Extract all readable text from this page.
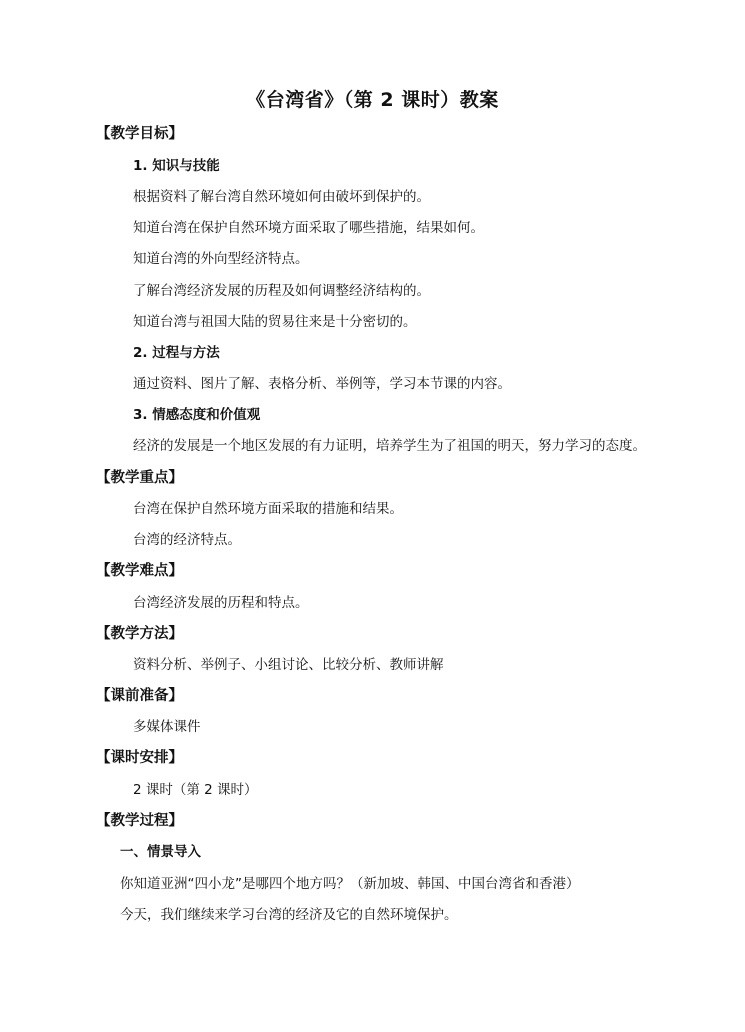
《台湾省》（第 2 课时）教案
【教学目标】
1. 知识与技能
根据资料了解台湾自然环境如何由破坏到保护的。
知道台湾在保护自然环境方面采取了哪些措施，结果如何。
知道台湾的外向型经济特点。
了解台湾经济发展的历程及如何调整经济结构的。
知道台湾与祖国大陆的贸易往来是十分密切的。
2. 过程与方法
通过资料、图片了解、表格分析、举例等，学习本节课的内容。
3. 情感态度和价值观
经济的发展是一个地区发展的有力证明，培养学生为了祖国的明天，努力学习的态度。
【教学重点】
台湾在保护自然环境方面采取的措施和结果。
台湾的经济特点。
【教学难点】
台湾经济发展的历程和特点。
【教学方法】
资料分析、举例子、小组讨论、比较分析、教师讲解
【课前准备】
多媒体课件
【课时安排】
2 课时（第 2 课时）
【教学过程】
一、情景导入
你知道亚洲“四小龙”是哪四个地方吗？（新加坡、韩国、中国台湾省和香港）
今天，我们继续来学习台湾的经济及它的自然环境保护。
